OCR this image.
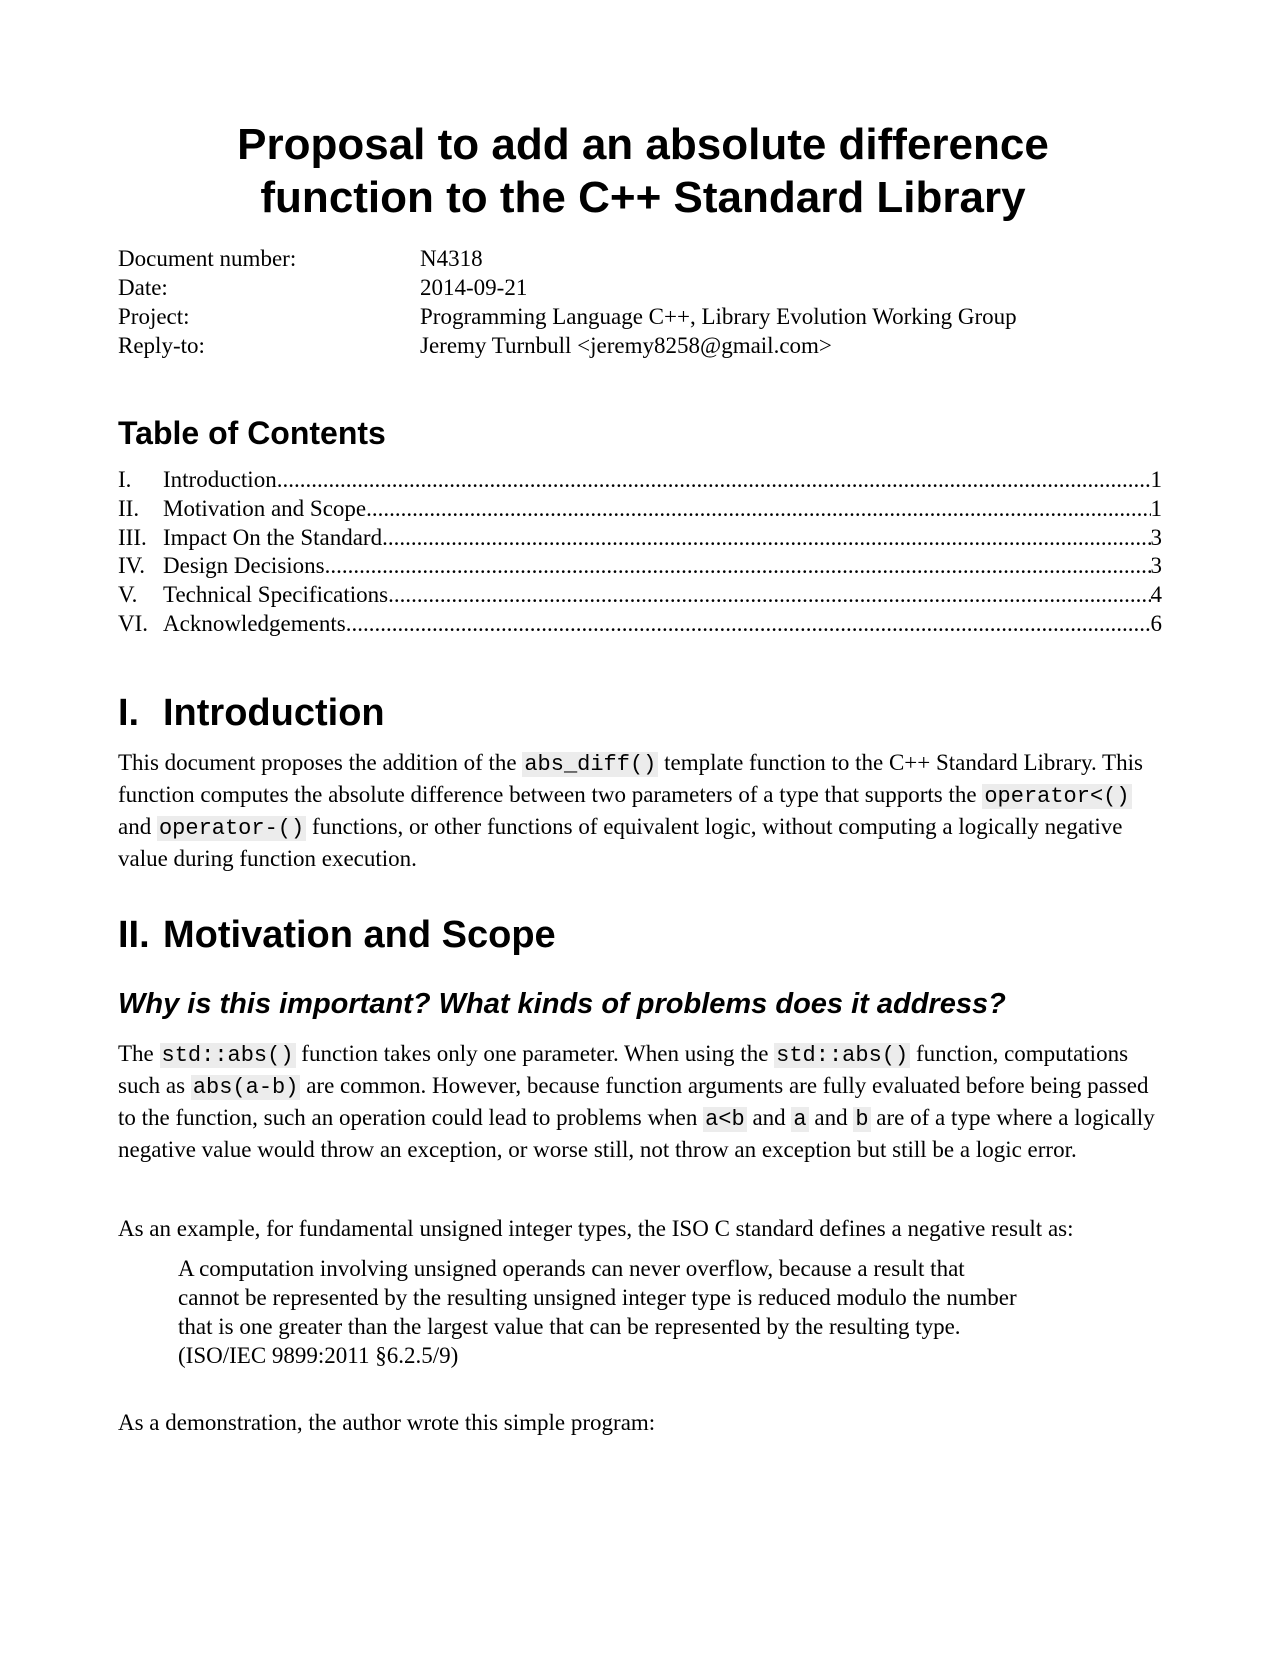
Proposal to add an absolute difference
function to the C++ Standard Library
Document number:	N4318
Date:	2014-09-21
Project:	Programming Language C++, Library Evolution Working Group
Reply-to:	Jeremy Turnbull <jeremy8258@gmail.com>
Table of Contents
I.	Introduction .....	1
II.	Motivation and Scope .....	1
III. Impact On the Standard .....	3
IV. Design Decisions .....	3
V.	Technical Specifications .....	4
VI. Acknowledgements .....	6
I. Introduction

This document proposes the addition of the abs_diff() template function to the C++ Standard Library. This function computes the absolute difference between two parameters of a type that supports the operator<() and operator-() functions, or other functions of equivalent logic, without computing a logically negative value during function execution.

II. Motivation and Scope
Why is this important? What kinds of problems does it address?

The std::abs() function takes only one parameter. When using the std::abs() function, computations such as abs(a-b) are common. However, because function arguments are fully evaluated before being passed to the function, such an operation could lead to problems when a<b and a and b are of a type where a logically negative value would throw an exception, or worse still, not throw an exception but still be a logic error.

As an example, for fundamental unsigned integer types, the ISO C standard defines a negative result as:

A computation involving unsigned operands can never overflow, because a result that
cannot be represented by the resulting unsigned integer type is reduced modulo the number
that is one greater than the largest value that can be represented by the resulting type.
(ISO/IEC 9899:2011 §6.2.5/9)

As a demonstration, the author wrote this simple program:
